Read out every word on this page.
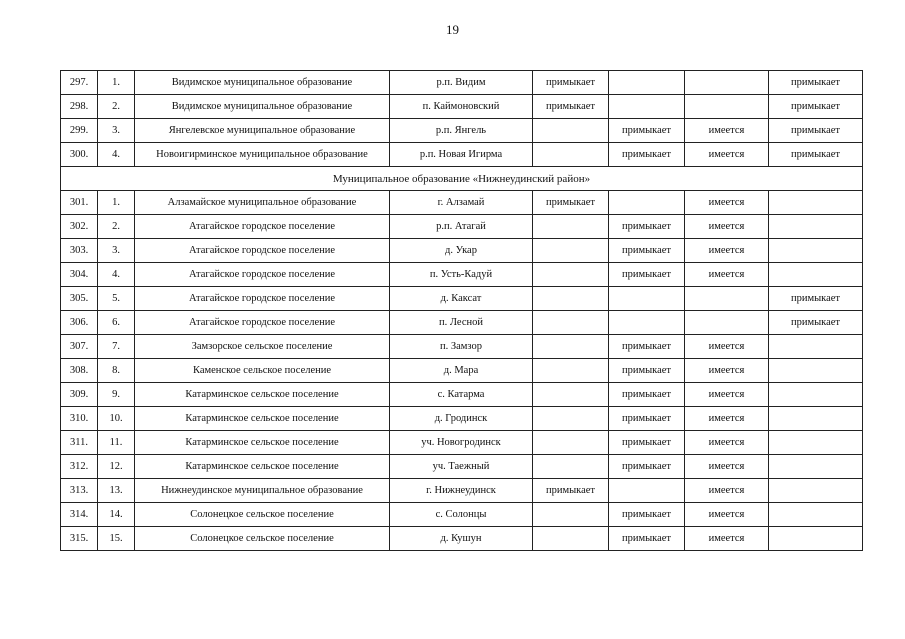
19
297.	1.	Видимское муниципальное образование	р.п. Видим	примыкает			примыкает
298.	2.	Видимское муниципальное образование	п. Каймоновский	примыкает			примыкает
299.	3.	Янгелевское муниципальное образование	р.п. Янгель		примыкает	имеется	примыкает
300.	4.	Новоигирминское муниципальное образование	р.п. Новая Игирма		примыкает	имеется	примыкает
Муниципальное образование «Нижнеудинский район»							
301.	1.	Алзамайское муниципальное образование	г. Алзамай	примыкает		имеется	
302.	2.	Атагайское городское поселение	р.п. Атагай		примыкает	имеется	
303.	3.	Атагайское городское поселение	д. Укар		примыкает	имеется	
304.	4.	Атагайское городское поселение	п. Усть-Кадуй		примыкает	имеется	
305.	5.	Атагайское городское поселение	д. Каксат				примыкает
306.	6.	Атагайское городское поселение	п. Лесной				примыкает
307.	7.	Замзорское сельское поселение	п. Замзор		примыкает	имеется	
308.	8.	Каменское сельское поселение	д. Мара		примыкает	имеется	
309.	9.	Катарминское сельское поселение	с. Катарма		примыкает	имеется	
310.	10.	Катарминское сельское поселение	д. Гродинск		примыкает	имеется	
311.	11.	Катарминское сельское поселение	уч. Новогродинск		примыкает	имеется	
312.	12.	Катарминское сельское поселение	уч. Таежный		примыкает	имеется	
313.	13.	Нижнеудинское муниципальное образование	г. Нижнеудинск	примыкает		имеется	
314.	14.	Солонецкое сельское поселение	с. Солонцы		примыкает	имеется	
315.	15.	Солонецкое сельское поселение	д. Кушун		примыкает	имеется	
